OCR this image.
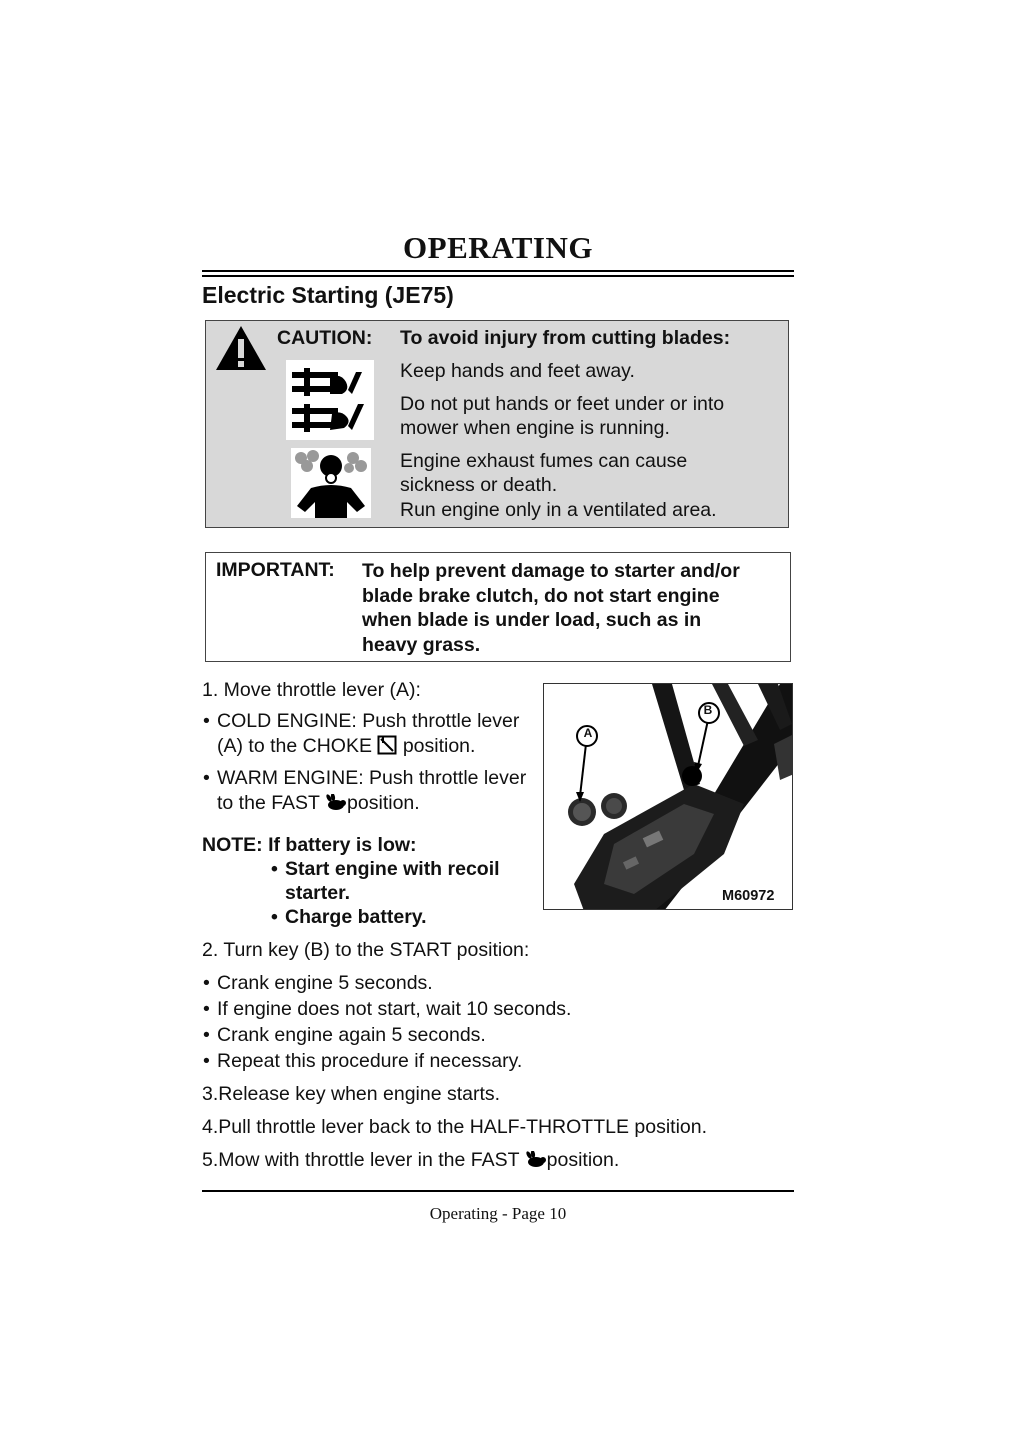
OPERATING
Electric Starting (JE75)
CAUTION: To avoid injury from cutting blades:
Keep hands and feet away.
Do not put hands or feet under or into
mower when engine is running.
Engine exhaust fumes can cause
sickness or death.
Run engine only in a ventilated area.
IMPORTANT: To help prevent damage to starter and/or
blade brake clutch, do not start engine
when blade is under load, such as in
heavy grass.
1. Move throttle lever (A):
• COLD ENGINE: Push throttle lever
(A) to the CHOKE position.
• WARM ENGINE: Push throttle lever
to the FAST position.
NOTE: If battery is low:
• Start engine with recoil
starter.
• Charge battery.
A
B
M60972
2. Turn key (B) to the START position:
• Crank engine 5 seconds.
• If engine does not start, wait 10 seconds.
• Crank engine again 5 seconds.
• Repeat this procedure if necessary.
3.Release key when engine starts.
4.Pull throttle lever back to the HALF-THROTTLE position.
5.Mow with throttle lever in the FAST position.
Operating - Page 10
